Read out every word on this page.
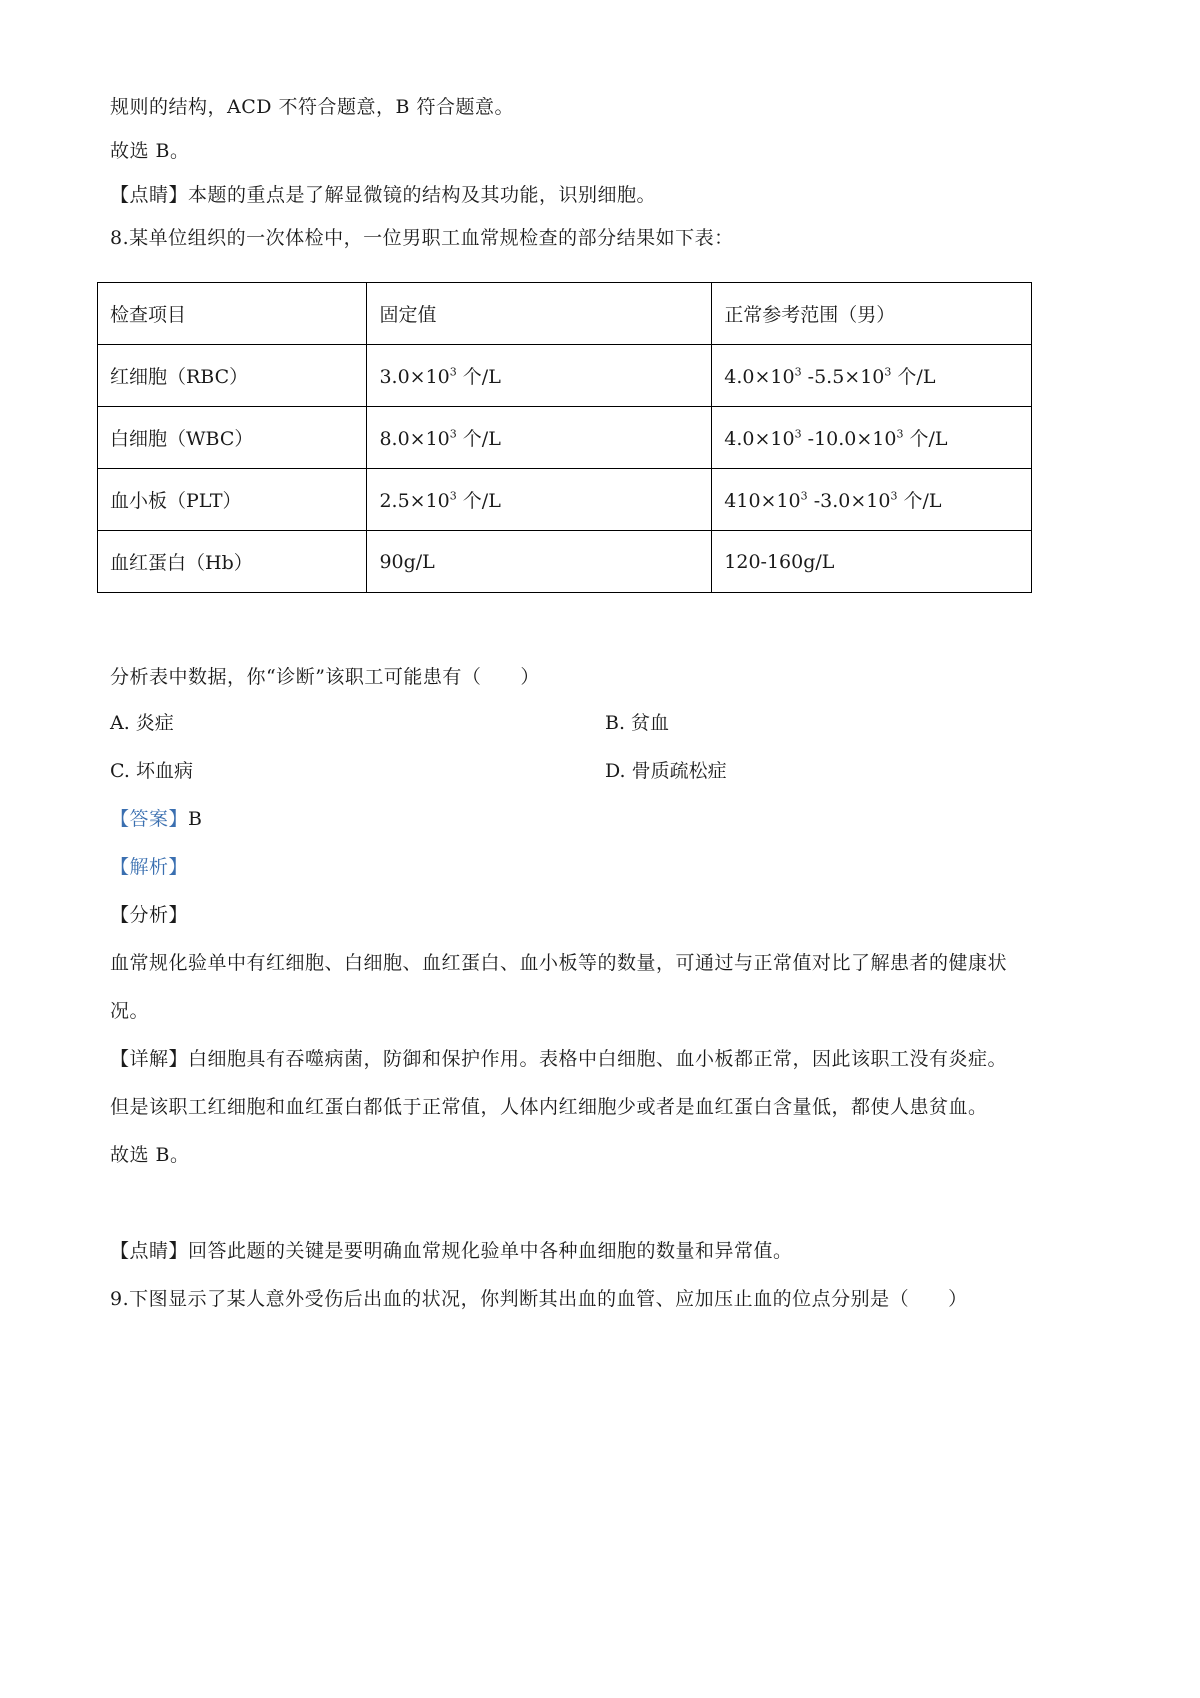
规则的结构，ACD 不符合题意，B 符合题意。
故选 B。
【点睛】本题的重点是了解显微镜的结构及其功能，识别细胞。
8.某单位组织的一次体检中，一位男职工血常规检查的部分结果如下表：
检查项目	固定值	正常参考范围（男）
红细胞（RBC）	$3.0\times 10^3$ 个/L	$4.0\times 10^3$ $-5.5\times 10^3$ 个/L
白细胞（WBC）	$8.0\times 10^3$ 个/L	$4.0\times 10^3$ $-10.0\times 10^3$ 个/L
血小板（PLT）	$2.5\times 10^3$ 个/L	$410\times 10^3$ $-3.0\times 10^3$ 个/L
血红蛋白（Hb）	90g/L	120-160g/L
分析表中数据，你“诊断”该职工可能患有（　　）
A. 炎症	B. 贫血
C. 坏血病	D. 骨质疏松症
【答案】B
【解析】
【分析】
血常规化验单中有红细胞、白细胞、血红蛋白、血小板等的数量，可通过与正常值对比了解患者的健康状
况。
【详解】白细胞具有吞噬病菌，防御和保护作用。表格中白细胞、血小板都正常，因此该职工没有炎症。
但是该职工红细胞和血红蛋白都低于正常值，人体内红细胞少或者是血红蛋白含量低，都使人患贫血。
故选 B。
【点睛】回答此题的关键是要明确血常规化验单中各种血细胞的数量和异常值。
9.下图显示了某人意外受伤后出血的状况，你判断其出血的血管、应加压止血的位点分别是（　　）
